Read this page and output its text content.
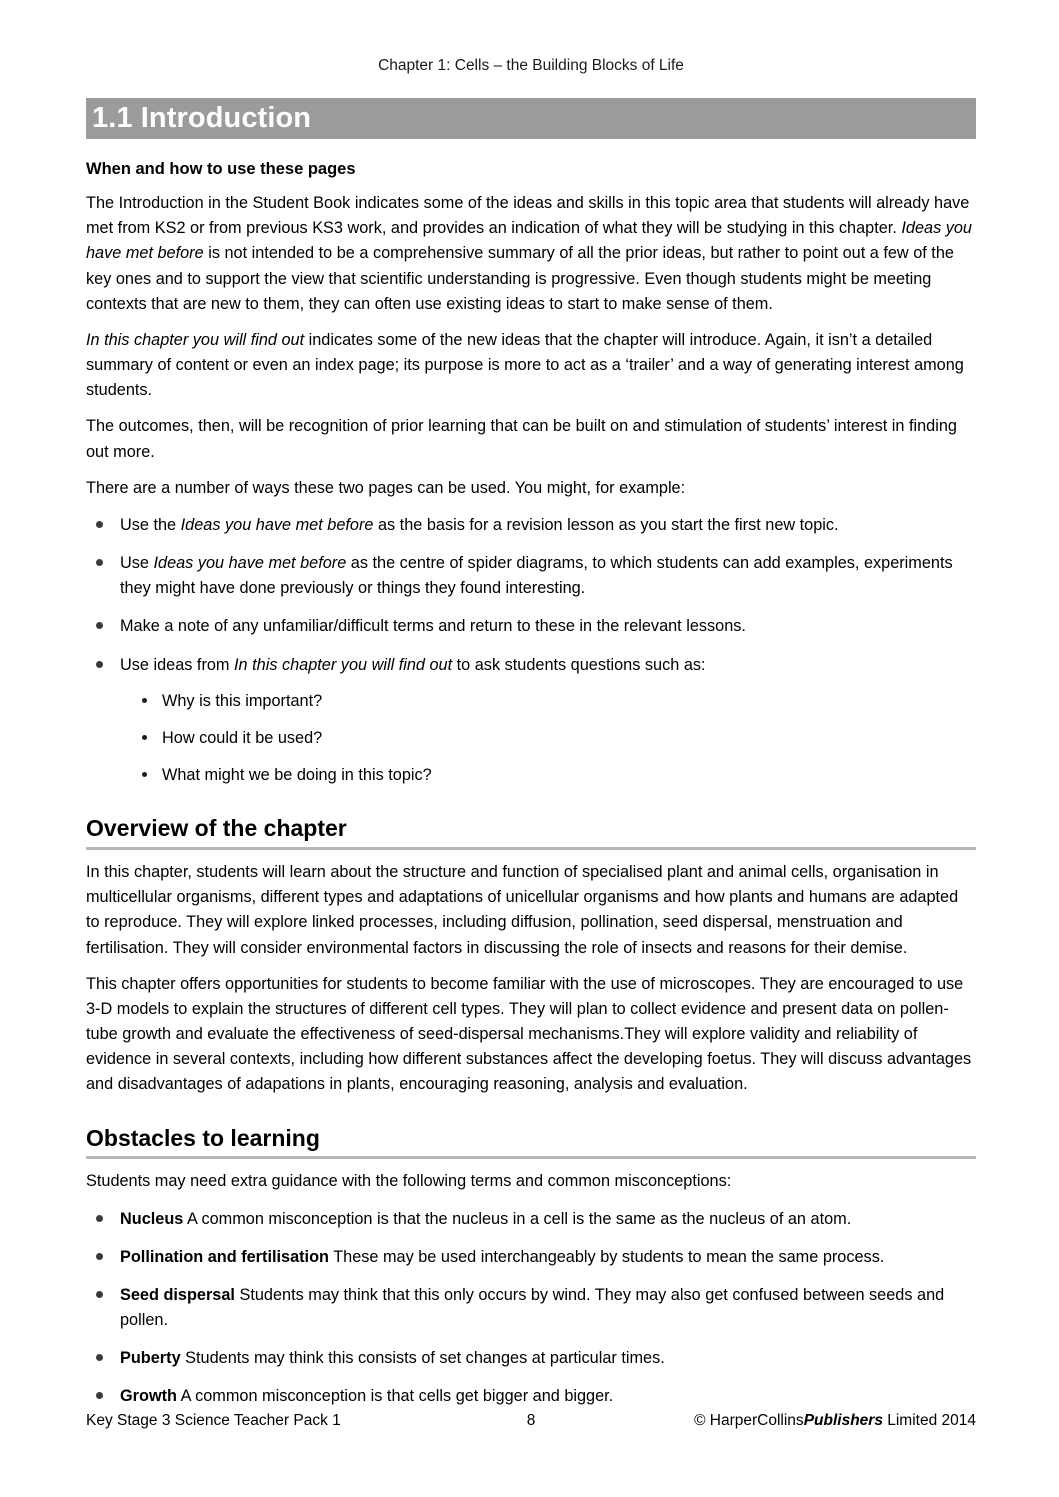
Chapter 1: Cells – the Building Blocks of Life
1.1 Introduction
When and how to use these pages

The Introduction in the Student Book indicates some of the ideas and skills in this topic area that students will already have met from KS2 or from previous KS3 work, and provides an indication of what they will be studying in this chapter. Ideas you have met before is not intended to be a comprehensive summary of all the prior ideas, but rather to point out a few of the key ones and to support the view that scientific understanding is progressive. Even though students might be meeting contexts that are new to them, they can often use existing ideas to start to make sense of them.

In this chapter you will find out indicates some of the new ideas that the chapter will introduce. Again, it isn’t a detailed summary of content or even an index page; its purpose is more to act as a ‘trailer’ and a way of generating interest among students.

The outcomes, then, will be recognition of prior learning that can be built on and stimulation of students’ interest in finding out more.

There are a number of ways these two pages can be used. You might, for example:

Use the Ideas you have met before as the basis for a revision lesson as you start the first new topic.
Use Ideas you have met before as the centre of spider diagrams, to which students can add examples, experiments they might have done previously or things they found interesting.
Make a note of any unfamiliar/difficult terms and return to these in the relevant lessons.
Use ideas from In this chapter you will find out to ask students questions such as:
Why is this important?
How could it be used?
What might we be doing in this topic?
Overview of the chapter

In this chapter, students will learn about the structure and function of specialised plant and animal cells, organisation in multicellular organisms, different types and adaptations of unicellular organisms and how plants and humans are adapted to reproduce. They will explore linked processes, including diffusion, pollination, seed dispersal, menstruation and fertilisation. They will consider environmental factors in discussing the role of insects and reasons for their demise.

This chapter offers opportunities for students to become familiar with the use of microscopes. They are encouraged to use 3-D models to explain the structures of different cell types. They will plan to collect evidence and present data on pollen-tube growth and evaluate the effectiveness of seed-dispersal mechanisms.They will explore validity and reliability of evidence in several contexts, including how different substances affect the developing foetus. They will discuss advantages and disadvantages of adapations in plants, encouraging reasoning, analysis and evaluation.

Obstacles to learning

Students may need extra guidance with the following terms and common misconceptions:

Nucleus A common misconception is that the nucleus in a cell is the same as the nucleus of an atom.
Pollination and fertilisation These may be used interchangeably by students to mean the same process.
Seed dispersal Students may think that this only occurs by wind. They may also get confused between seeds and pollen.
Puberty Students may think this consists of set changes at particular times.
Growth A common misconception is that cells get bigger and bigger.
Key Stage 3 Science Teacher Pack 1	8	© HarperCollinsPublishers Limited 2014
